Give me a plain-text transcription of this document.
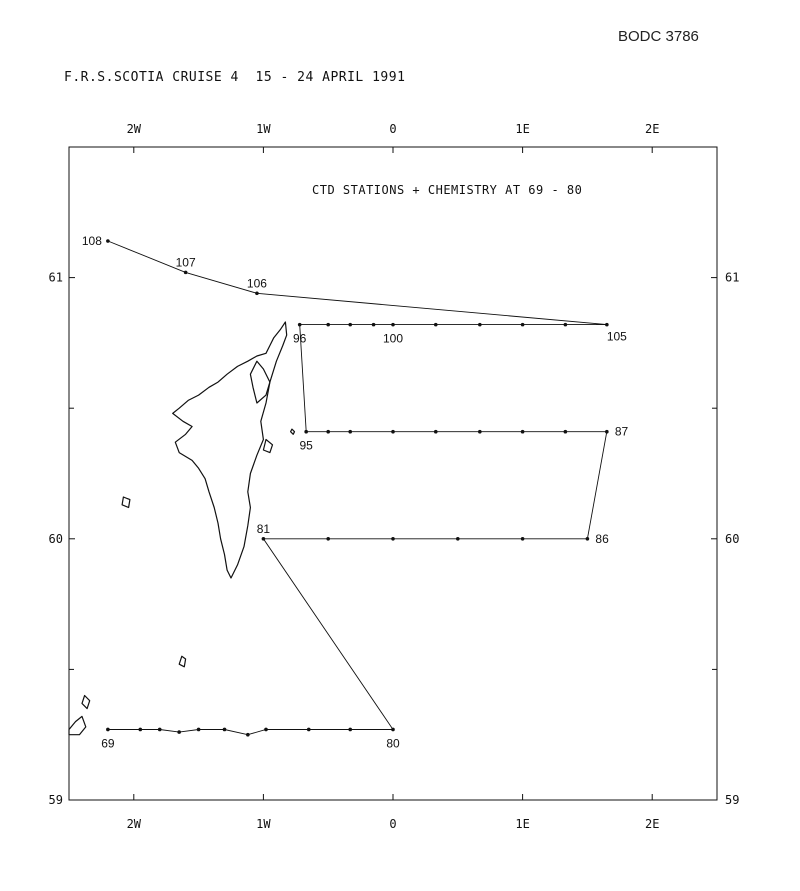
BODC 3786
F.R.S.SCOTIA CRUISE 4  15 - 24 APRIL 1991
2W
2W
1W
1W
0
0
1E
1E
2E
2E
59	59
60	60
61	61
69	80
81
86
87
95
96	100	105
106
107
108
CTD STATIONS + CHEMISTRY AT 69 - 80
